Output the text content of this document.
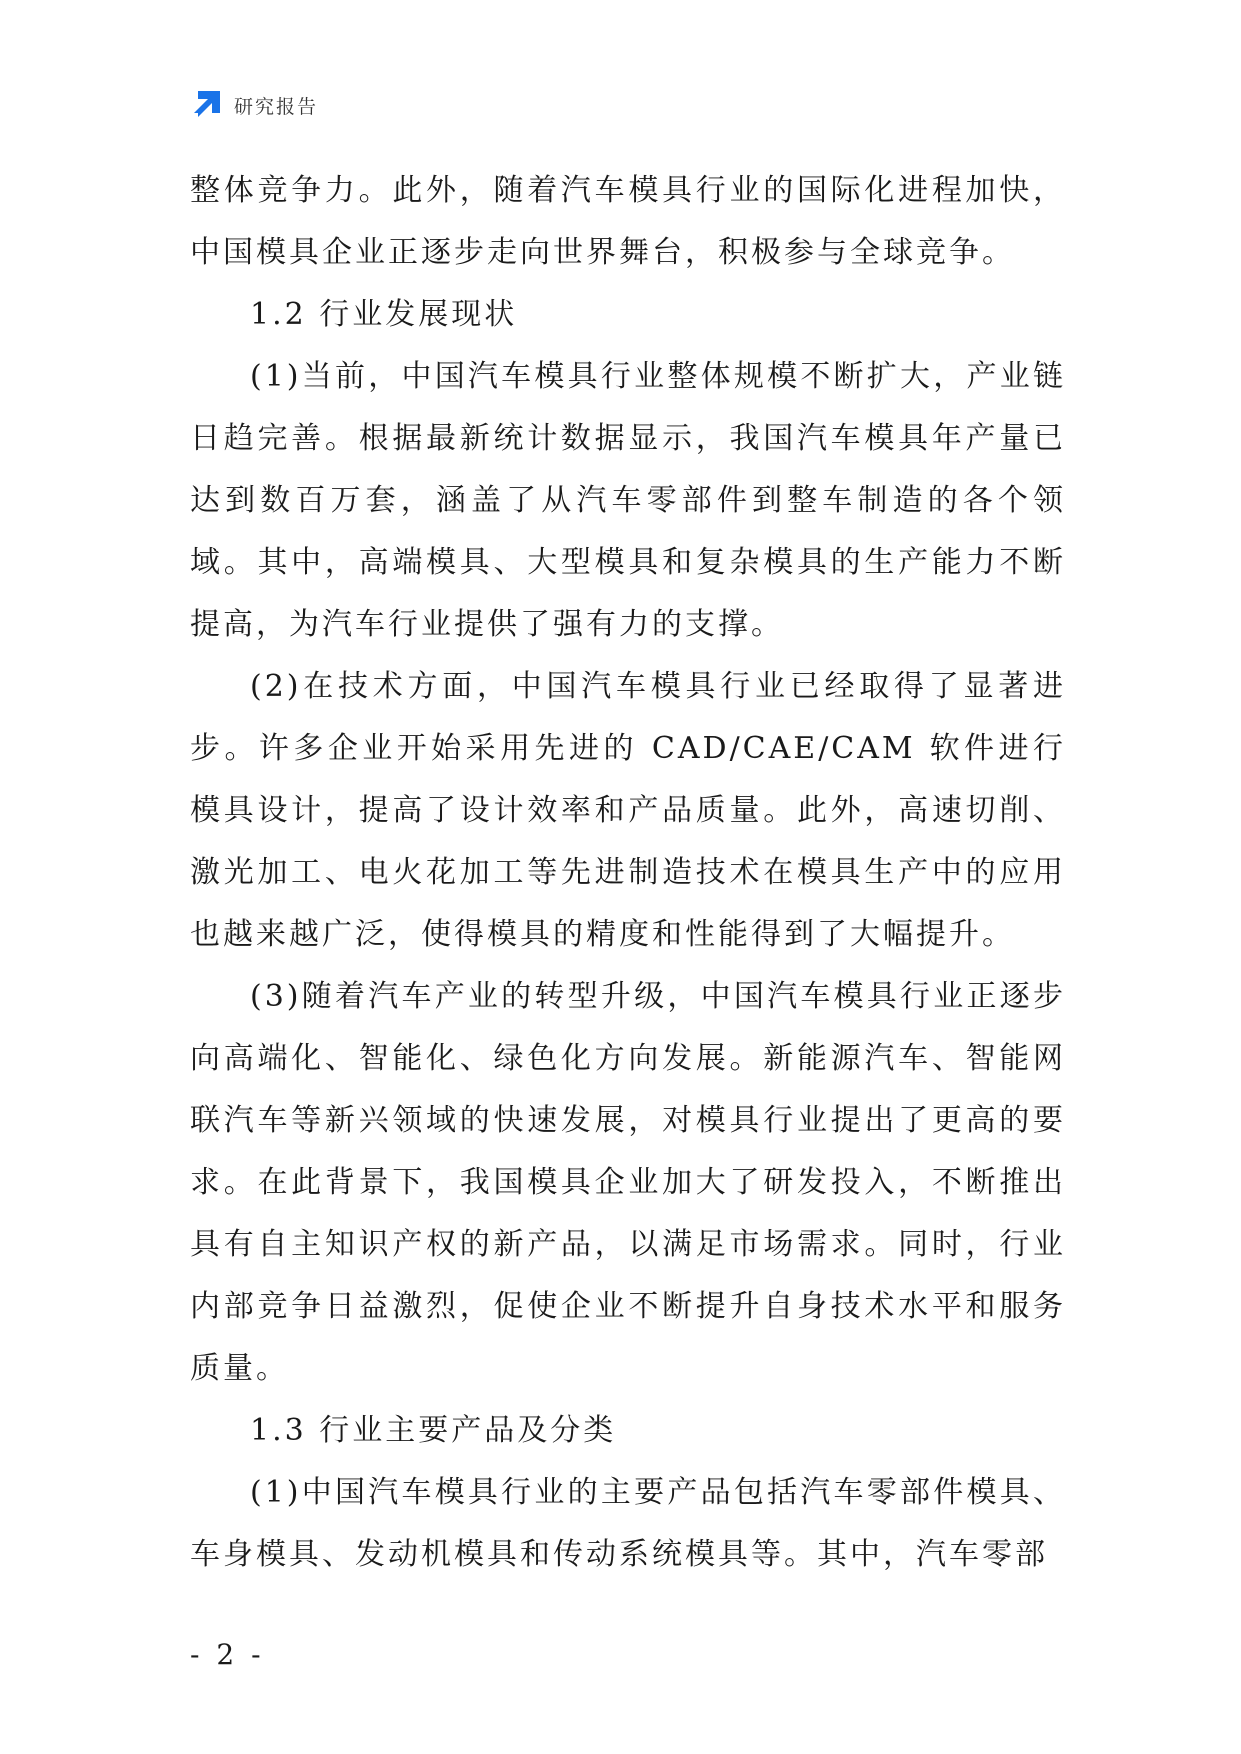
研究报告

整体竞争力。此外，随着汽车模具行业的国际化进程加快，中国模具企业正逐步走向世界舞台，积极参与全球竞争。

1.2 行业发展现状

(1)当前，中国汽车模具行业整体规模不断扩大，产业链日趋完善。根据最新统计数据显示，我国汽车模具年产量已达到数百万套，涵盖了从汽车零部件到整车制造的各个领域。其中，高端模具、大型模具和复杂模具的生产能力不断提高，为汽车行业提供了强有力的支撑。

(2)在技术方面，中国汽车模具行业已经取得了显著进步。许多企业开始采用先进的 CAD/CAE/CAM 软件进行模具设计，提高了设计效率和产品质量。此外，高速切削、激光加工、电火花加工等先进制造技术在模具生产中的应用也越来越广泛，使得模具的精度和性能得到了大幅提升。

(3)随着汽车产业的转型升级，中国汽车模具行业正逐步向高端化、智能化、绿色化方向发展。新能源汽车、智能网联汽车等新兴领域的快速发展，对模具行业提出了更高的要求。在此背景下，我国模具企业加大了研发投入，不断推出具有自主知识产权的新产品，以满足市场需求。同时，行业内部竞争日益激烈，促使企业不断提升自身技术水平和服务质量。

1.3 行业主要产品及分类

(1)中国汽车模具行业的主要产品包括汽车零部件模具、车身模具、发动机模具和传动系统模具等。其中，汽车零部

- 2 -
